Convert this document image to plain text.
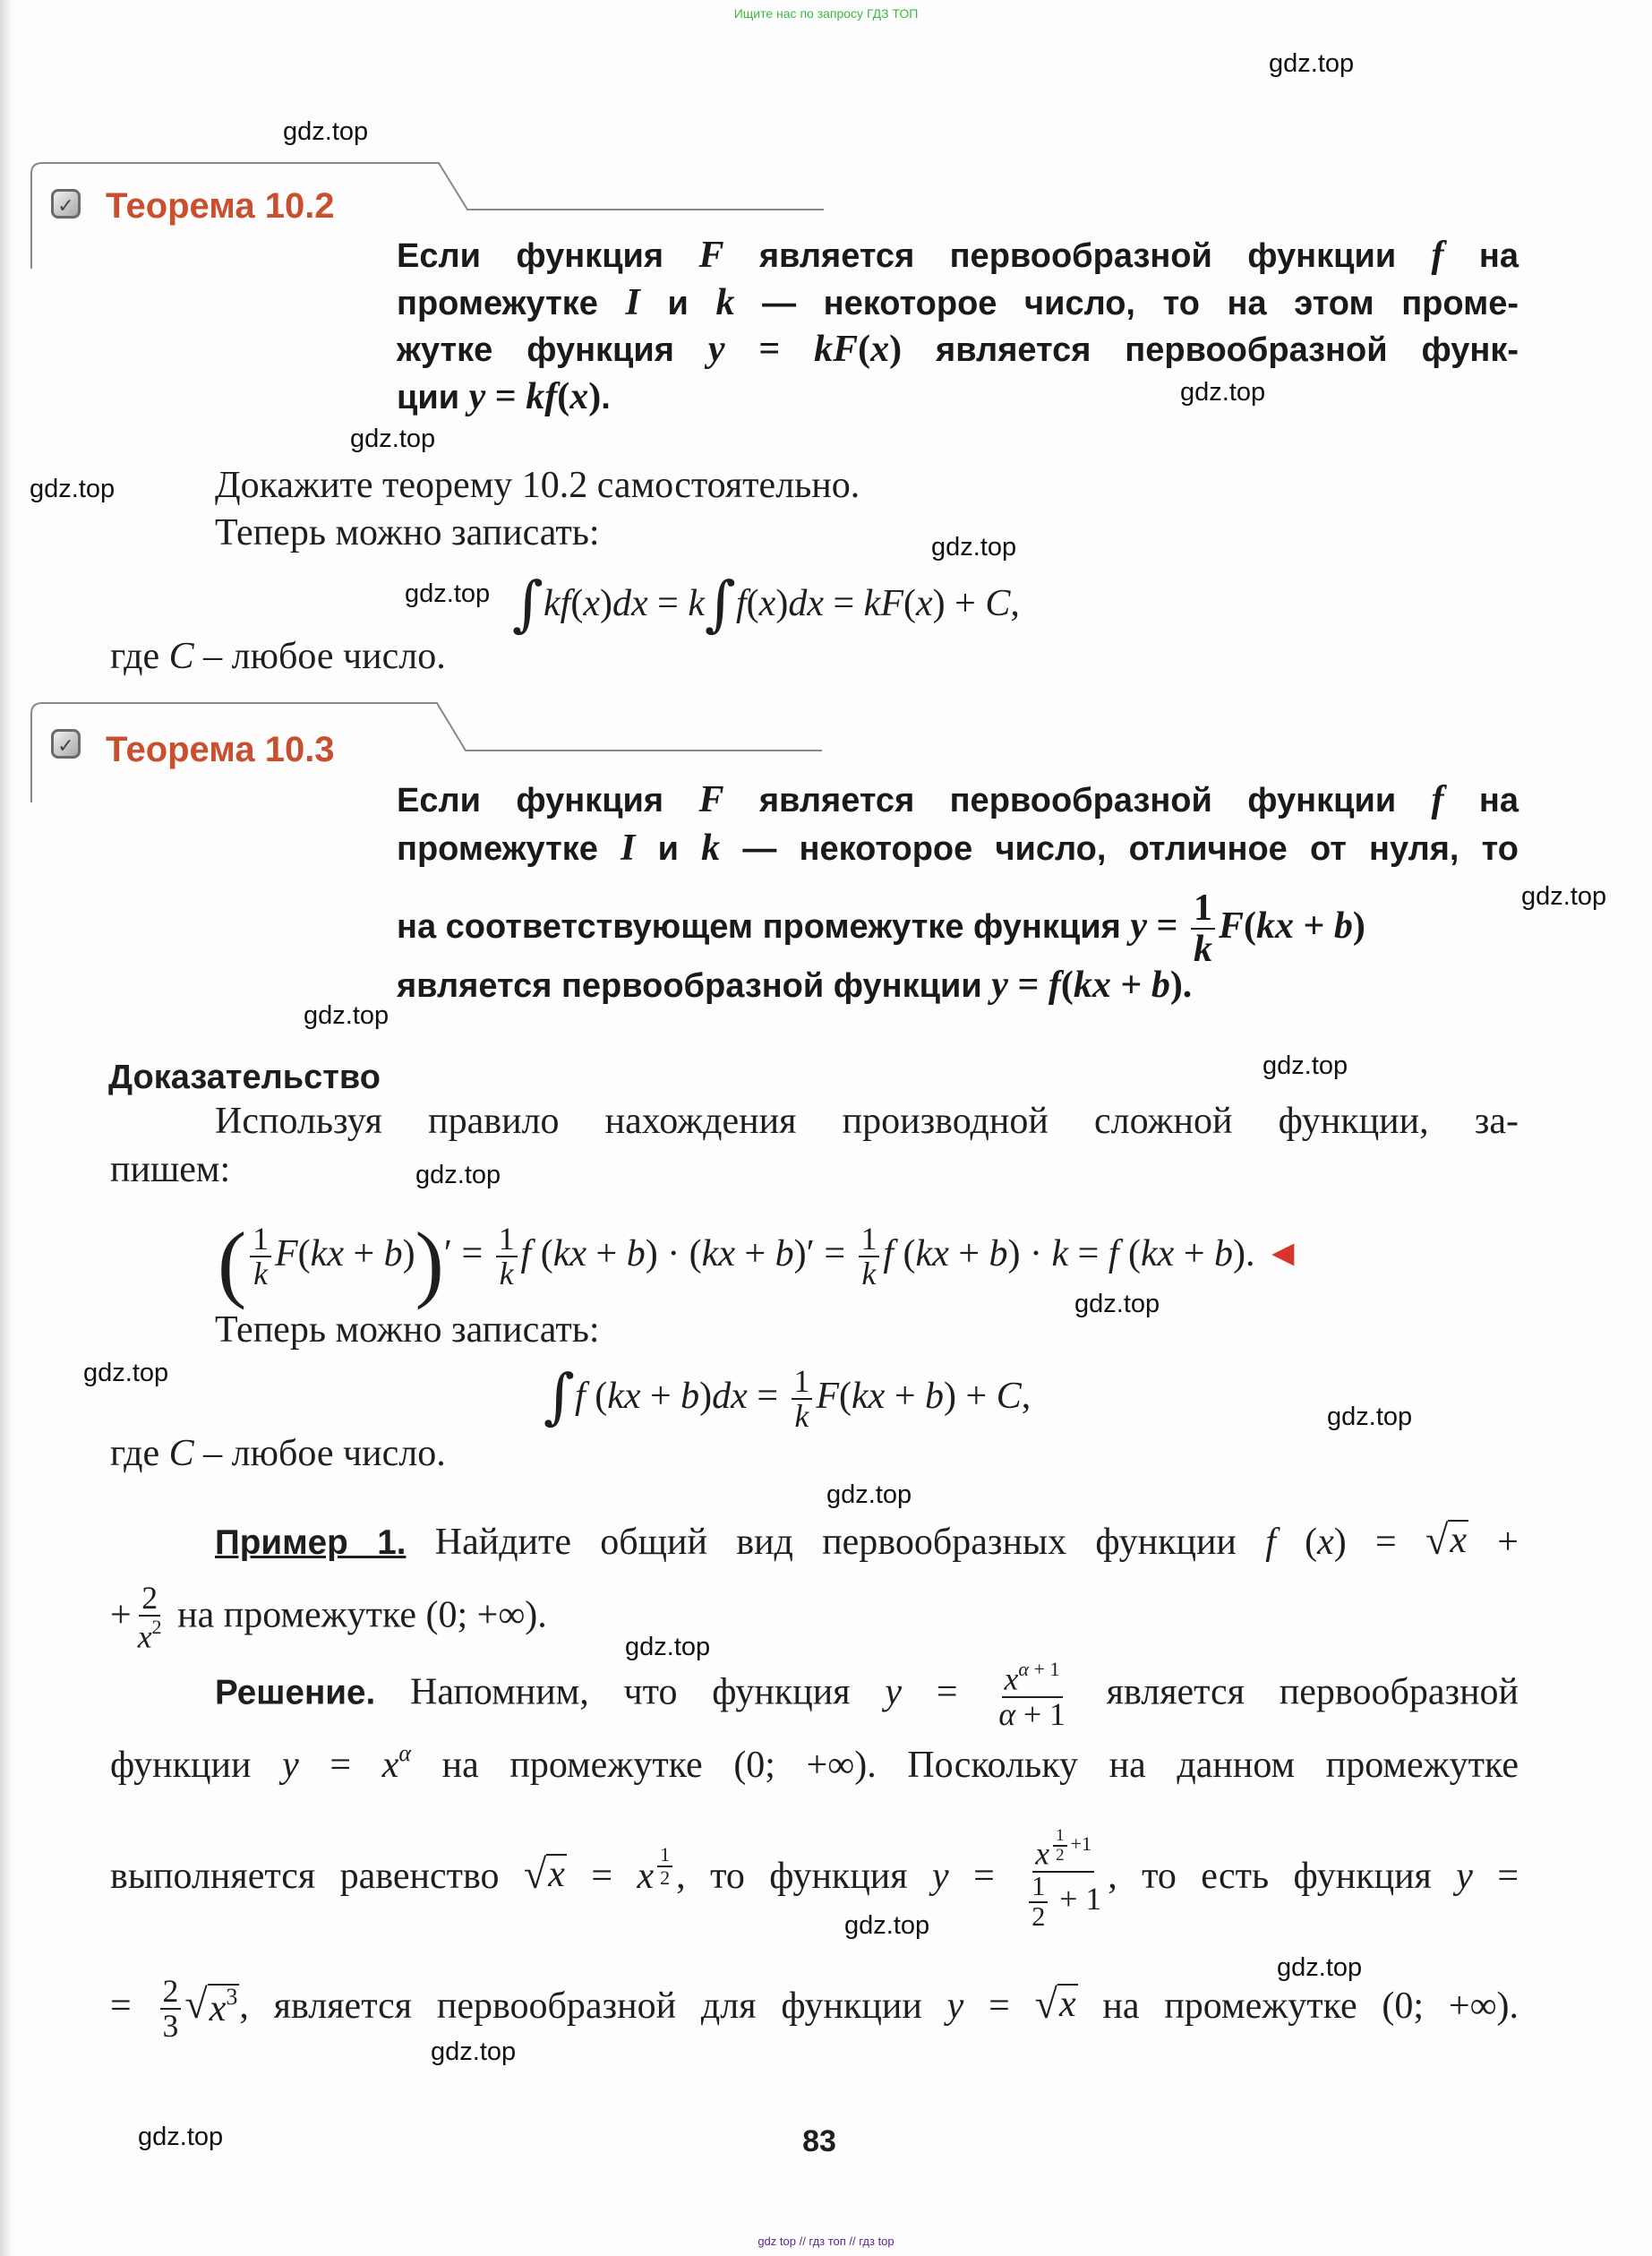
Ищите нас по запросу ГДЗ ТОП
✓ Теорема 10.2
Если функция F является первообразной функции f на
промежутке I и k — некоторое число, то на этом проме-
жутке функция y = kF(x) является первообразной функ-
ции y = kf(x).
Докажите теорему 10.2 самостоятельно.
Теперь можно записать:
∫kf(x)dx = k∫f(x)dx = kF(x) + C,
где C – любое число.
✓ Теорема 10.3
Если функция F является первообразной функции f на
промежутке I и k — некоторое число, отличное от нуля, то
на соответствующем промежутке функция $y = \frac{1}{k} F(kx + b)$
является первообразной функции y = f(kx + b).
Доказательство
Используя правило нахождения производной сложной функции, за-
пишем:
( $\frac{1}{k} F(kx + b))' = \frac{1}{k}$ f $(kx + b) \cdot (kx + b)' = \frac{1}{k}$ f (kx + b) · k = f (kx + b). ◄
Теперь можно записать:
∫f $(kx + b)dx = \frac{1}{k} F(kx + b) + C$,
где C – любое число.
Пример 1. Найдите общий вид первообразных функции f (x) = √ x +
+ $\frac{2}{x^2}$ на промежутке (0; +∞).
Решение. Напомним, что функция $y = \frac{x^{\alpha + 1}}{\alpha + 1}$ является первообразной
функции $y = x^\alpha$ на промежутке (0; +∞). Поскольку на данном промежутке
выполняется равенство √ x = x $^{\frac{1}{2}}$ , то функция y = x $^{\frac{1}{2} +1}$
$\frac{1}{2} + 1$ , то есть функция y =
= $\frac{2}{3}$ √ $x^3$ , является первообразной для функции y = √ x на промежутке (0; +∞).
83
gdz.top
gdz.top
gdz.top
gdz.top
gdz.top
gdz.top
gdz.top
gdz.top
gdz.top
gdz.top
gdz.top
gdz.top
gdz.top
gdz.top
gdz.top
gdz.top
gdz.top
gdz.top
gdz.top
gdz.top
gdz top // гдз топ // гдз top
